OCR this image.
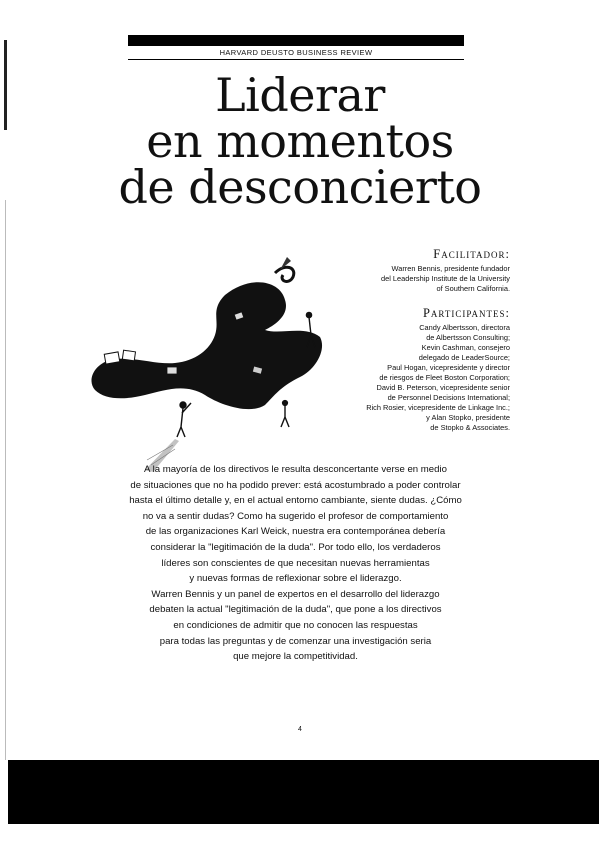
HARVARD DEUSTO BUSINESS REVIEW
Liderar
en momentos
de desconcierto
Facilitador:
Warren Bennis, presidente fundador
del Leadership Institute de la University
of Southern California.
Participantes:
Candy Albertsson, directora
de Albertsson Consulting;
Kevin Cashman, consejero
delegado de LeaderSource;
Paul Hogan, vicepresidente y director
de riesgos de Fleet Boston Corporation;
David B. Peterson, vicepresidente senior
de Personnel Decisions International;
Rich Rosier, vicepresidente de Linkage Inc.;
y Alan Stopko, presidente
de Stopko & Associates.
A la mayoría de los directivos le resulta desconcertante verse en medio
de situaciones que no ha podido prever: está acostumbrado a poder controlar
hasta el último detalle y, en el actual entorno cambiante, siente dudas. ¿Cómo
no va a sentir dudas? Como ha sugerido el profesor de comportamiento
de las organizaciones Karl Weick, nuestra era contemporánea debería
considerar la "legitimación de la duda". Por todo ello, los verdaderos
líderes son conscientes de que necesitan nuevas herramientas
y nuevas formas de reflexionar sobre el liderazgo.
Warren Bennis y un panel de expertos en el desarrollo del liderazgo
debaten la actual "legitimación de la duda", que pone a los directivos
en condiciones de admitir que no conocen las respuestas
para todas las preguntas y de comenzar una investigación seria
que mejore la competitividad.
4
